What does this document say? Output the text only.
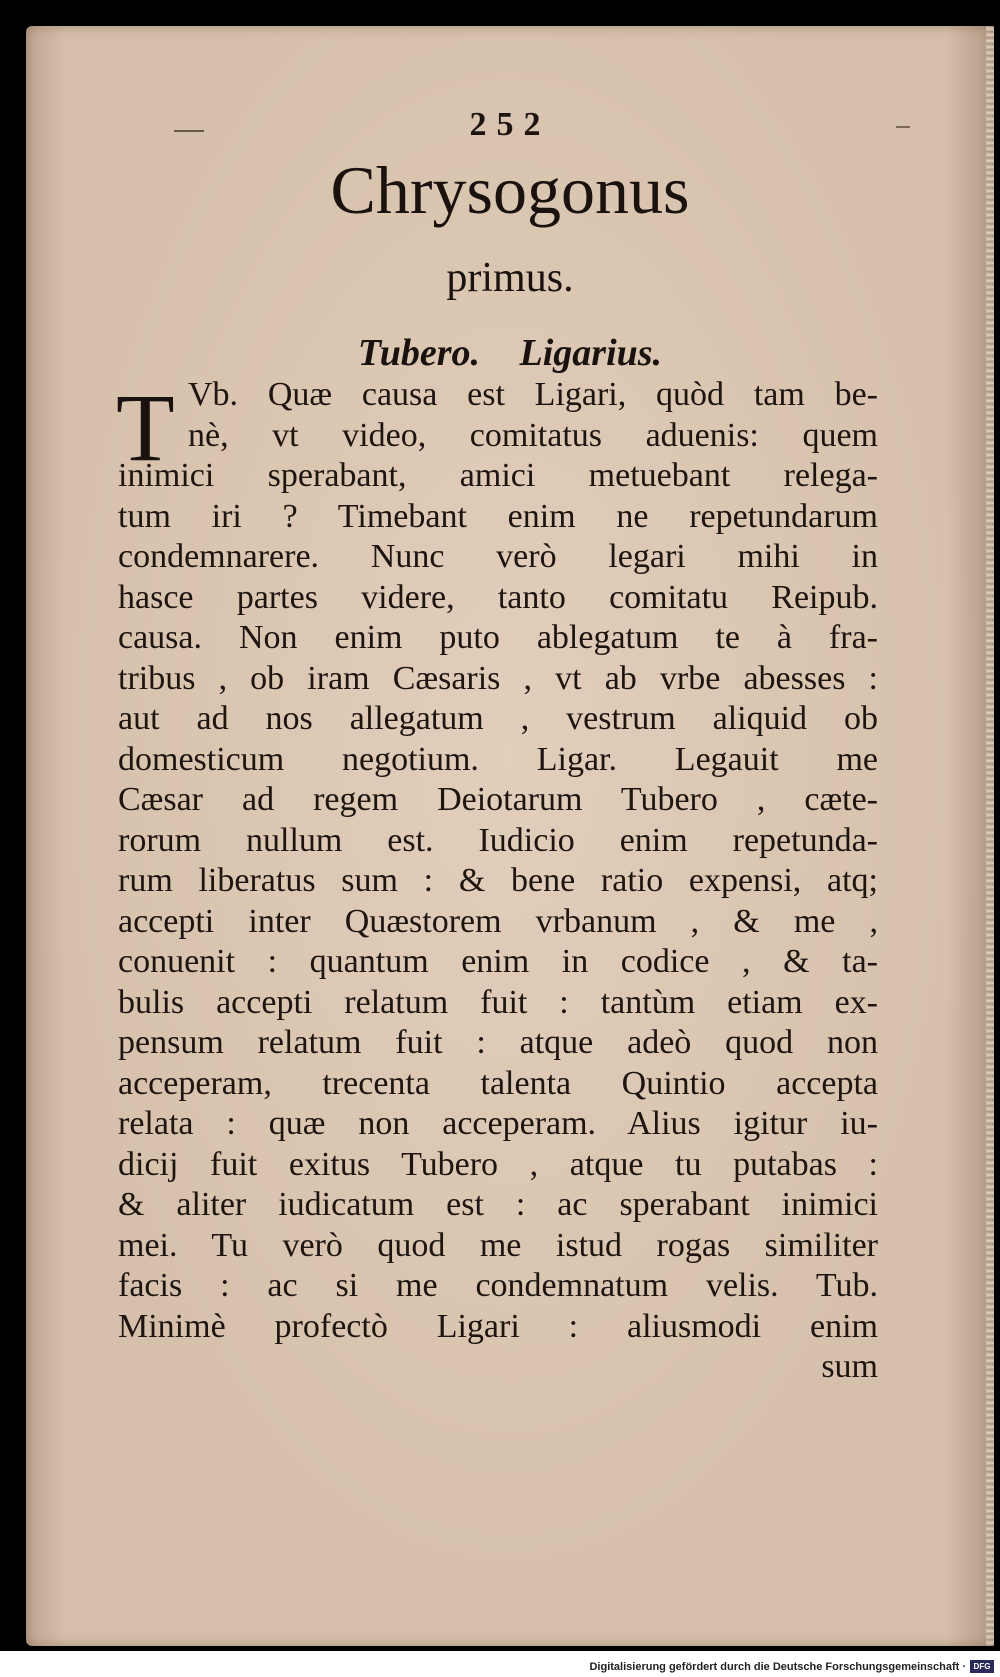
252
Chrysogonus
primus.
Tubero. Ligarius.
T Vb. Quæ causa est Ligari, quòd tam be-
nè, vt video, comitatus aduenis: quem
inimici sperabant, amici metuebant relega-
tum iri ? Timebant enim ne repetundarum
condemnarere. Nunc verò legari mihi in
hasce partes videre, tanto comitatu Reipub.
causa. Non enim puto ablegatum te à fra-
tribus , ob iram Cæsaris , vt ab vrbe abesses :
aut ad nos allegatum , vestrum aliquid ob
domesticum negotium. Ligar. Legauit me
Cæsar ad regem Deiotarum Tubero , cæte-
rorum nullum est. Iudicio enim repetunda-
rum liberatus sum : & bene ratio expensi, atq;
accepti inter Quæstorem vrbanum , & me ,
conuenit : quantum enim in codice , & ta-
bulis accepti relatum fuit : tantùm etiam ex-
pensum relatum fuit : atque adeò quod non
acceperam, trecenta talenta Quintio accepta
relata : quæ non acceperam. Alius igitur iu-
dicij fuit exitus Tubero , atque tu putabas :
& aliter iudicatum est : ac sperabant inimici
mei. Tu verò quod me istud rogas similiter
facis : ac si me condemnatum velis. Tub.
Minimè profectò Ligari : aliusmodi enim
sum
Digitalisierung gefördert durch die Deutsche Forschungsgemeinschaft · DFG
